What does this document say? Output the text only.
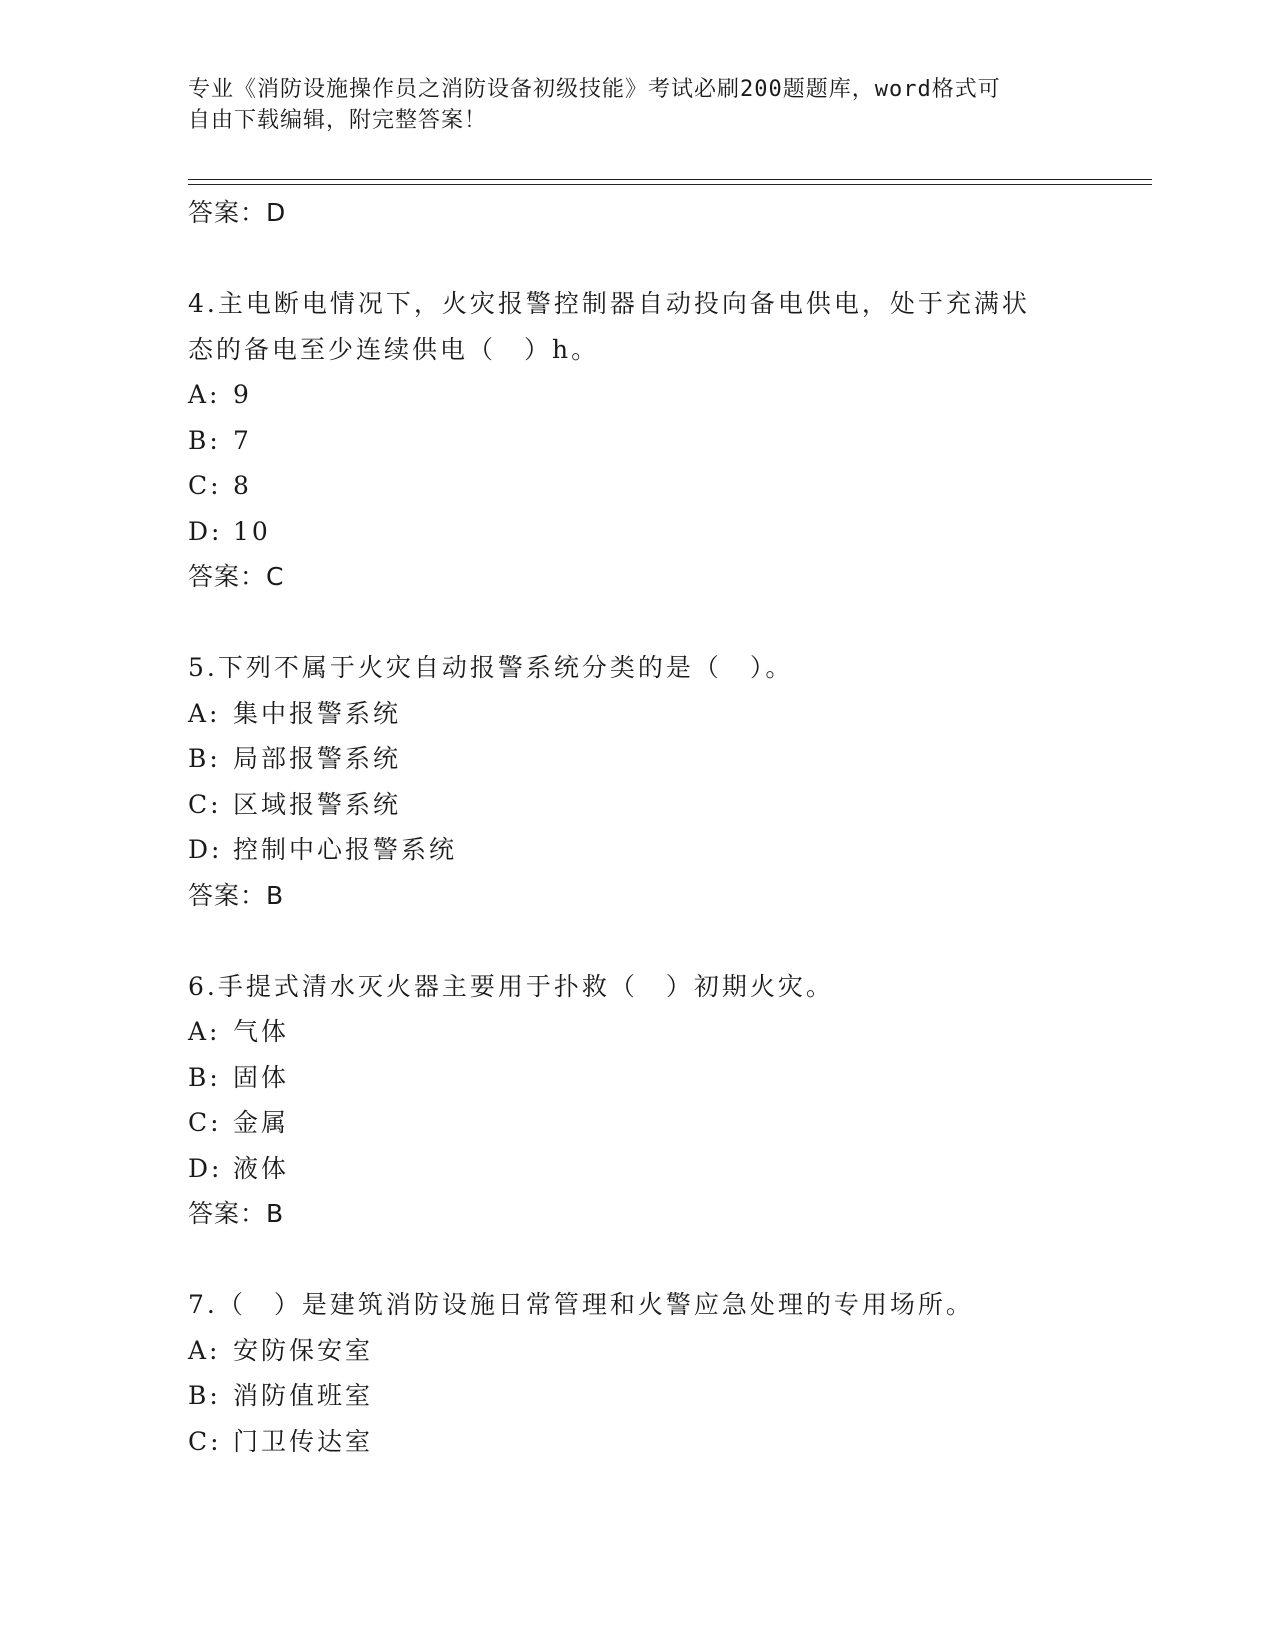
专业《消防设施操作员之消防设备初级技能》考试必刷200题题库，word格式可
自由下载编辑，附完整答案！
答案：D
4.主电断电情况下，火灾报警控制器自动投向备电供电，处于充满状
态的备电至少连续供电（　）h。
A: 9
B: 7
C: 8
D: 10
答案：C
5.下列不属于火灾自动报警系统分类的是（　）。
A: 集中报警系统
B: 局部报警系统
C: 区域报警系统
D: 控制中心报警系统
答案：B
6.手提式清水灭火器主要用于扑救（　）初期火灾。
A: 气体
B: 固体
C: 金属
D: 液体
答案：B
7.（　）是建筑消防设施日常管理和火警应急处理的专用场所。
A: 安防保安室
B: 消防值班室
C: 门卫传达室
